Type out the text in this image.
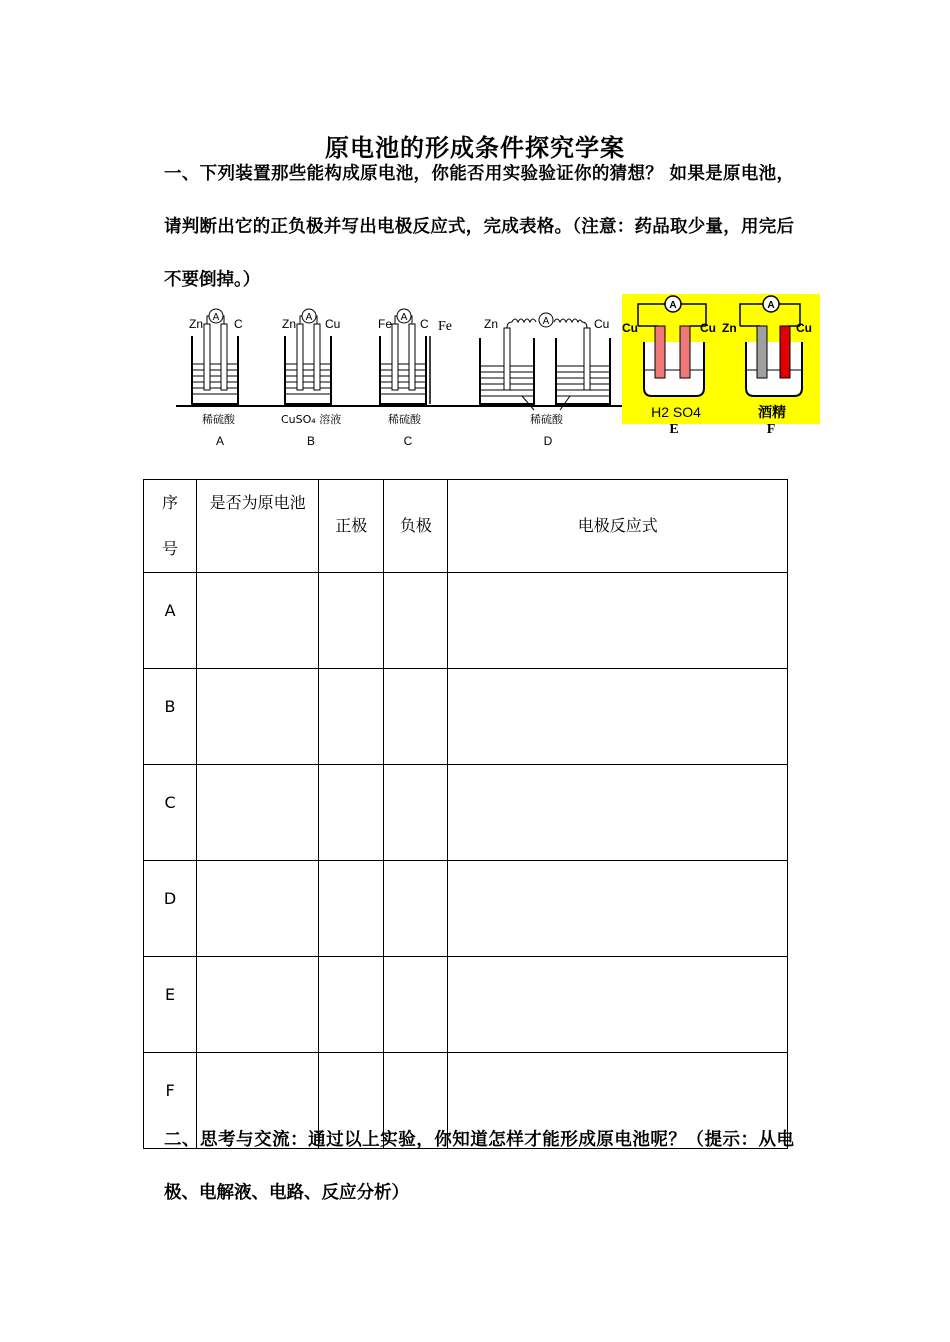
原电池的形成条件探究学案
一、下列装置那些能构成原电池，你能否用实验验证你的猜想？ 如果是原电池，请判断出它的正负极并写出电极反应式，完成表格。（注意：药品取少量，用完后不要倒掉。）
A
Zn	C
稀硫酸
A
A
Zn Cu
CuSO₄ 溶液
B
A
Fe C Fe
稀硫酸
C
A
Zn	Cu
稀硫酸
D
A
Cu	Cu
H2 SO4
E
A
Zn	Cu
酒精
F
序号	是否为原电池	正极	负极	电极反应式
A				
B				
C				
D				
E				
F				
二、思考与交流：通过以上实验，你知道怎样才能形成原电池呢？（提示：从电极、电解液、电路、反应分析）
